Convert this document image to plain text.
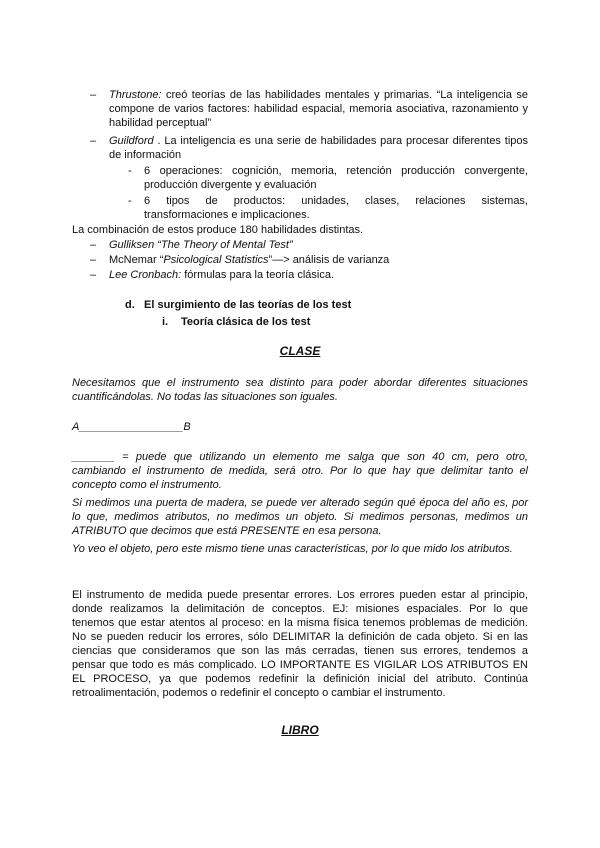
– Thrustone: creó teorías de las habilidades mentales y primarias. “La inteligencia se
compone de varios factores: habilidad espacial, memoria asociativa, razonamiento y
habilidad perceptual”
– Guildford . La inteligencia es una serie de habilidades para procesar diferentes tipos
de información
-	6 operaciones: cognición, memoria, retención producción convergente,
producción divergente y evaluación
-	6 tipos de productos: unidades, clases, relaciones sistemas,
transformaciones e implicaciones.
La combinación de estos produce 180 habilidades distintas.
– Gulliksen “The Theory of Mental Test”
– McNemar “Psicological Statistics”—> análisis de varianza
– Lee Cronbach: fórmulas para la teoría clásica.
d. El surgimiento de las teorías de los test
i. Teoría clásica de los test
CLASE
Necesitamos que el instrumento sea distinto para poder abordar diferentes situaciones
cuantificándolas. No todas las situaciones son iguales.
A_________________B
_______ = puede que utilizando un elemento me salga que son 40 cm, pero otro,
cambiando el instrumento de medida, será otro. Por lo que hay que delimitar tanto el
concepto como el instrumento.
Si medimos una puerta de madera, se puede ver alterado según qué época del año es, por
lo que, medimos atributos, no medimos un objeto. Si medimos personas, medimos un
ATRIBUTO que decimos que está PRESENTE en esa persona.
Yo veo el objeto, pero este mismo tiene unas características, por lo que mido los atributos.
El instrumento de medida puede presentar errores. Los errores pueden estar al principio,
donde realizamos la delimitación de conceptos. EJ: misiones espaciales. Por lo que
tenemos que estar atentos al proceso: en la misma física tenemos problemas de medición.
No se pueden reducir los errores, sólo DELIMITAR la definición de cada objeto. Si en las
ciencias que consideramos que son las más cerradas, tienen sus errores, tendemos a
pensar que todo es más complicado. LO IMPORTANTE ES VIGILAR LOS ATRIBUTOS EN
EL PROCESO, ya que podemos redefinir la definición inicial del atributo. Continúa
retroalimentación, podemos o redefinir el concepto o cambiar el instrumento.
LIBRO
